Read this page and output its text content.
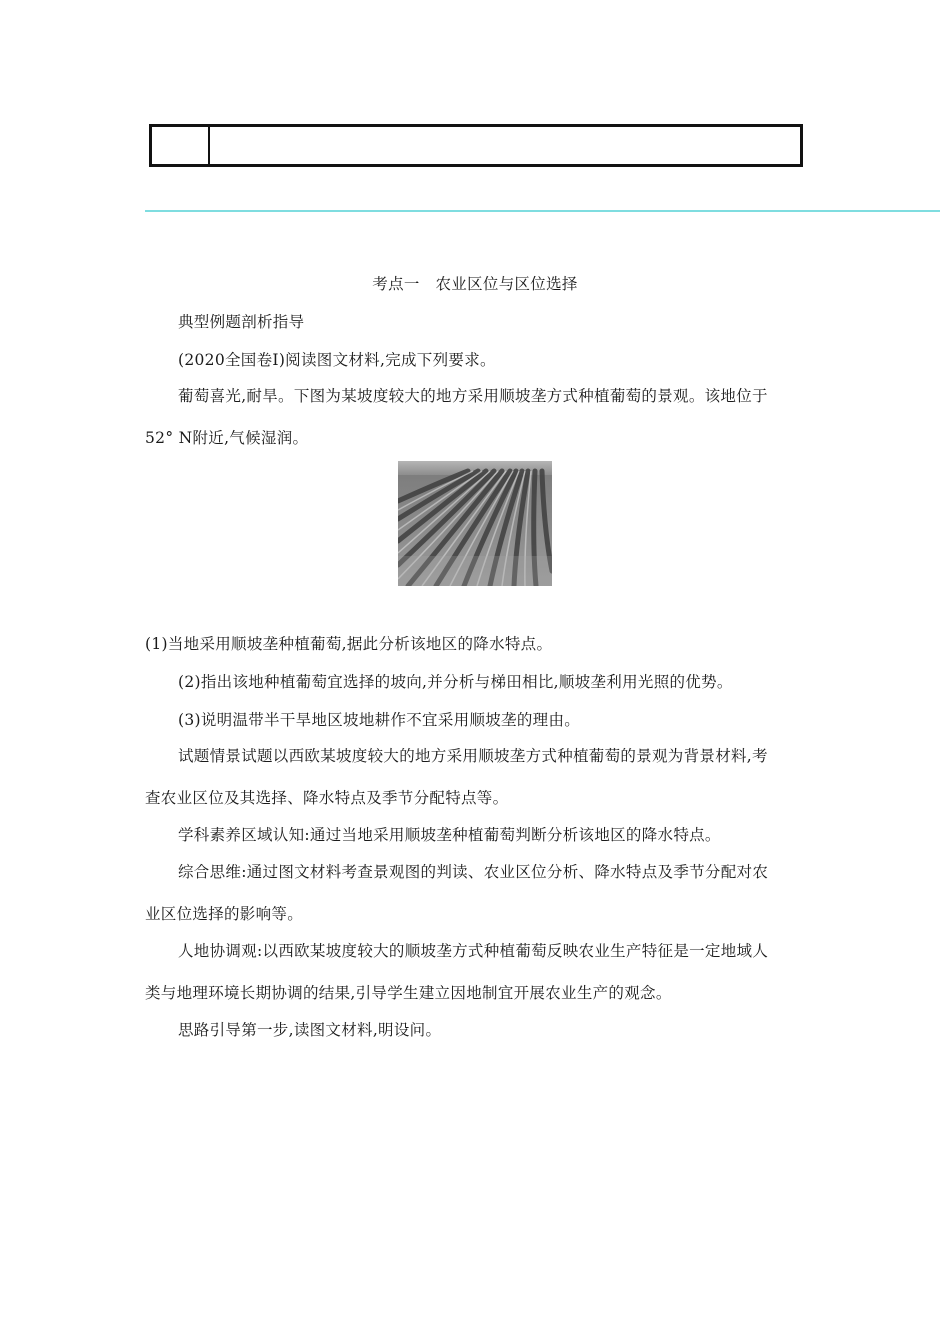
考点一　农业区位与区位选择
典型例题剖析指导
(2020全国卷Ⅰ)阅读图文材料,完成下列要求。
葡萄喜光,耐旱。下图为某坡度较大的地方采用顺坡垄方式种植葡萄的景观。该地位于
52° N附近,气候湿润。
(1)当地采用顺坡垄种植葡萄,据此分析该地区的降水特点。
(2)指出该地种植葡萄宜选择的坡向,并分析与梯田相比,顺坡垄利用光照的优势。
(3)说明温带半干旱地区坡地耕作不宜采用顺坡垄的理由。
试题情景试题以西欧某坡度较大的地方采用顺坡垄方式种植葡萄的景观为背景材料,考
查农业区位及其选择、降水特点及季节分配特点等。
学科素养区域认知:通过当地采用顺坡垄种植葡萄判断分析该地区的降水特点。
综合思维:通过图文材料考查景观图的判读、农业区位分析、降水特点及季节分配对农
业区位选择的影响等。
人地协调观:以西欧某坡度较大的顺坡垄方式种植葡萄反映农业生产特征是一定地域人
类与地理环境长期协调的结果,引导学生建立因地制宜开展农业生产的观念。
思路引导第一步,读图文材料,明设问。
